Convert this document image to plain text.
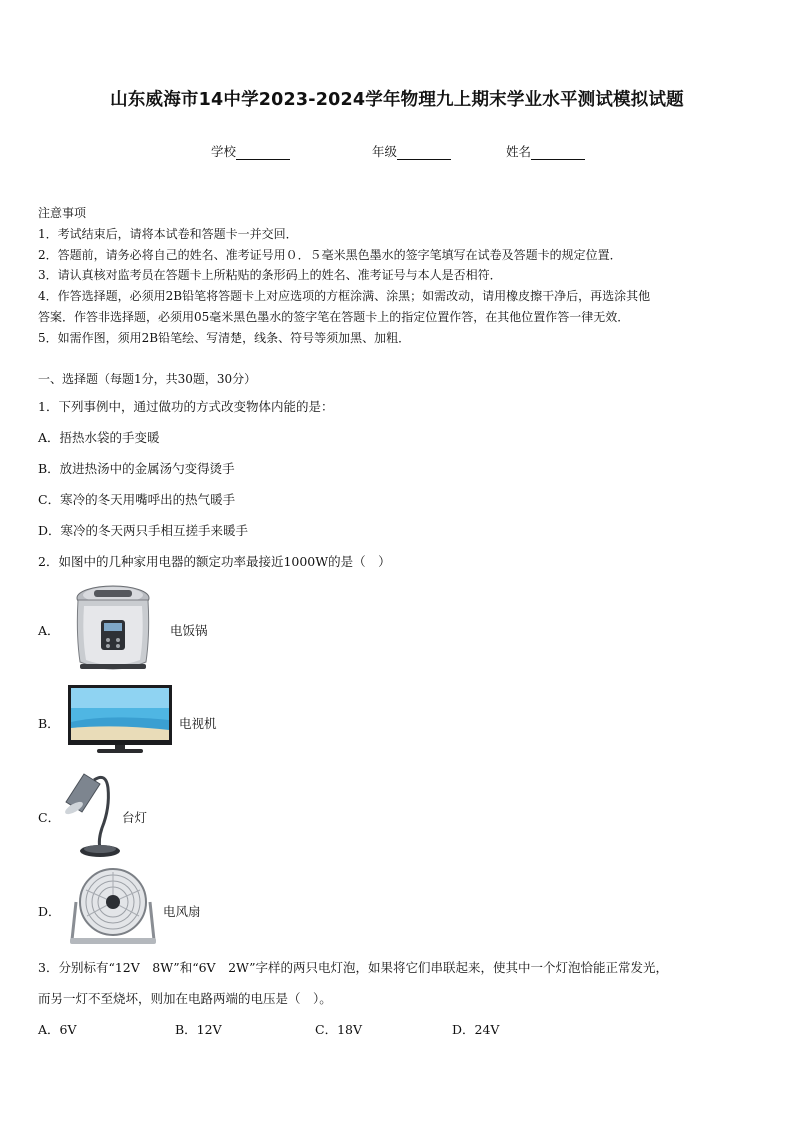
山东威海市14中学2023-2024学年物理九上期末学业水平测试模拟试题
学校	年级	姓名
注意事项
1．考试结束后，请将本试卷和答题卡一并交回．
2．答题前，请务必将自己的姓名、准考证号用０．５毫米黑色墨水的签字笔填写在试卷及答题卡的规定位置．
3．请认真核对监考员在答题卡上所粘贴的条形码上的姓名、准考证号与本人是否相符．
4．作答选择题，必须用2B铅笔将答题卡上对应选项的方框涂满、涂黑；如需改动，请用橡皮擦干净后，再选涂其他
答案．作答非选择题，必须用05毫米黑色墨水的签字笔在答题卡上的指定位置作答，在其他位置作答一律无效．
5．如需作图，须用2B铅笔绘、写清楚，线条、符号等须加黑、加粗．
一、选择题（每题1分，共30题，30分）
1．下列事例中，通过做功的方式改变物体内能的是：
A．捂热水袋的手变暖
B．放进热汤中的金属汤勺变得烫手
C．寒冷的冬天用嘴呼出的热气暖手
D．寒冷的冬天两只手相互搓手来暖手
2．如图中的几种家用电器的额定功率最接近1000W的是（　）
A．	电饭锅
B．	电视机
C．	台灯
D．	电风扇
3．分别标有“12V　8W”和“6V　2W”字样的两只电灯泡，如果将它们串联起来，使其中一个灯泡恰能正常发光，
而另一灯不至烧坏，则加在电路两端的电压是（　）。
A．6V	B．12V	C．18V	D．24V
